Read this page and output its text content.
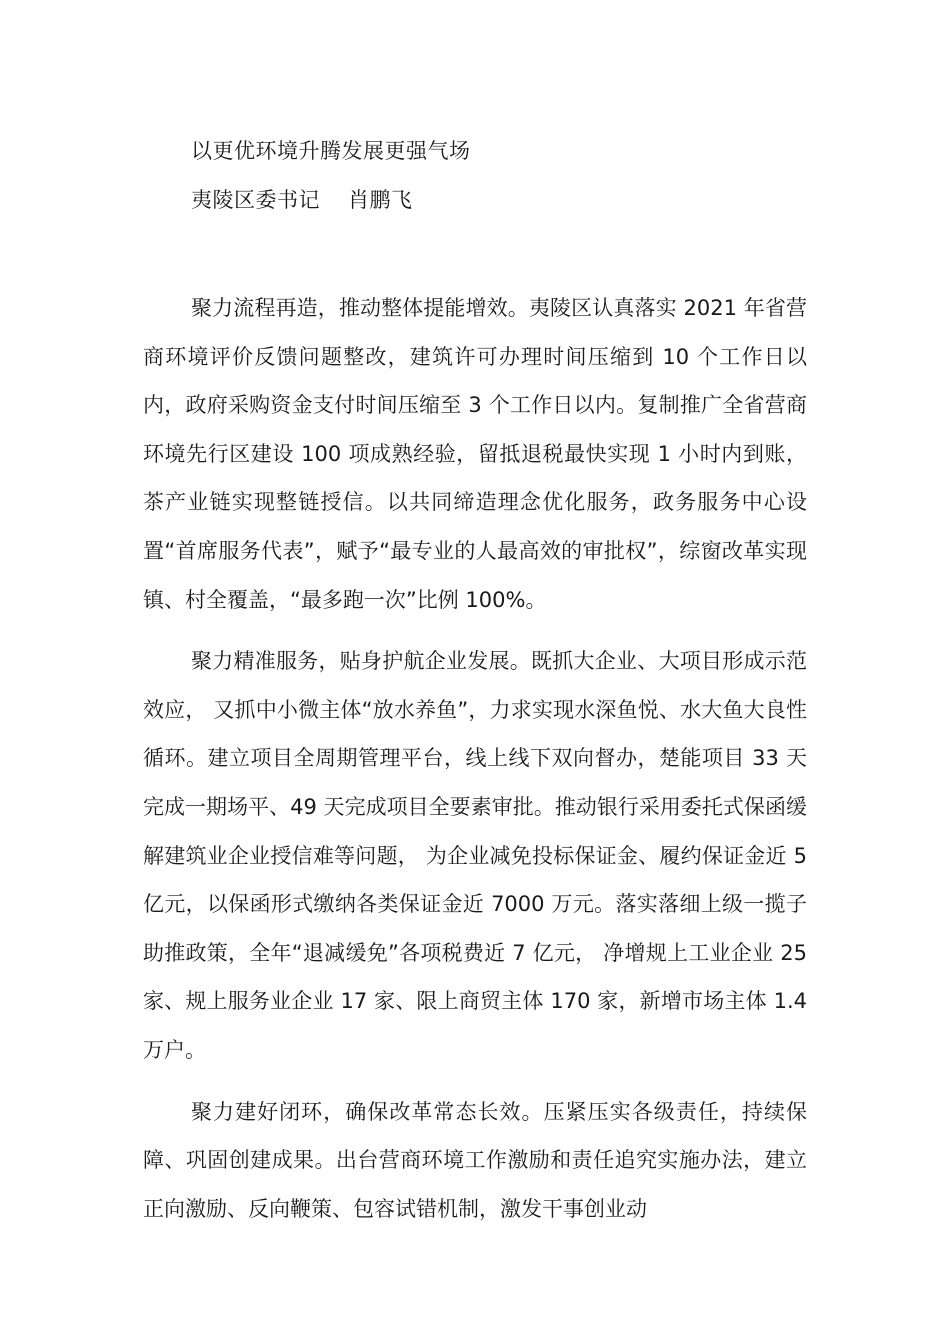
以更优环境升腾发展更强气场
夷陵区委书记 肖鹏飞

聚力流程再造，推动整体提能增效。夷陵区认真落实 2021 年省营商环境评价反馈问题整改，建筑许可办理时间压缩到 10 个工作日以内，政府采购资金支付时间压缩至 3 个工作日以内。复制推广全省营商环境先行区建设 100 项成熟经验，留抵退税最快实现 1 小时内到账，茶产业链实现整链授信。以共同缔造理念优化服务，政务服务中心设置“首席服务代表”，赋予“最专业的人最高效的审批权”，综窗改革实现镇、村全覆盖，“最多跑一次”比例 100%。

聚力精准服务，贴身护航企业发展。既抓大企业、大项目形成示范效应， 又抓中小微主体“放水养鱼”，力求实现水深鱼悦、水大鱼大良性循环。建立项目全周期管理平台，线上线下双向督办，楚能项目 33 天完成一期场平、49 天完成项目全要素审批。推动银行采用委托式保函缓解建筑业企业授信难等问题， 为企业减免投标保证金、履约保证金近 5 亿元，以保函形式缴纳各类保证金近 7000 万元。落实落细上级一揽子助推政策，全年“退减缓免”各项税费近 7 亿元， 净增规上工业企业 25 家、规上服务业企业 17 家、限上商贸主体 170 家，新增市场主体 1.4 万户。

聚力建好闭环，确保改革常态长效。压紧压实各级责任，持续保障、巩固创建成果。出台营商环境工作激励和责任追究实施办法，建立正向激励、反向鞭策、包容试错机制，激发干事创业动
